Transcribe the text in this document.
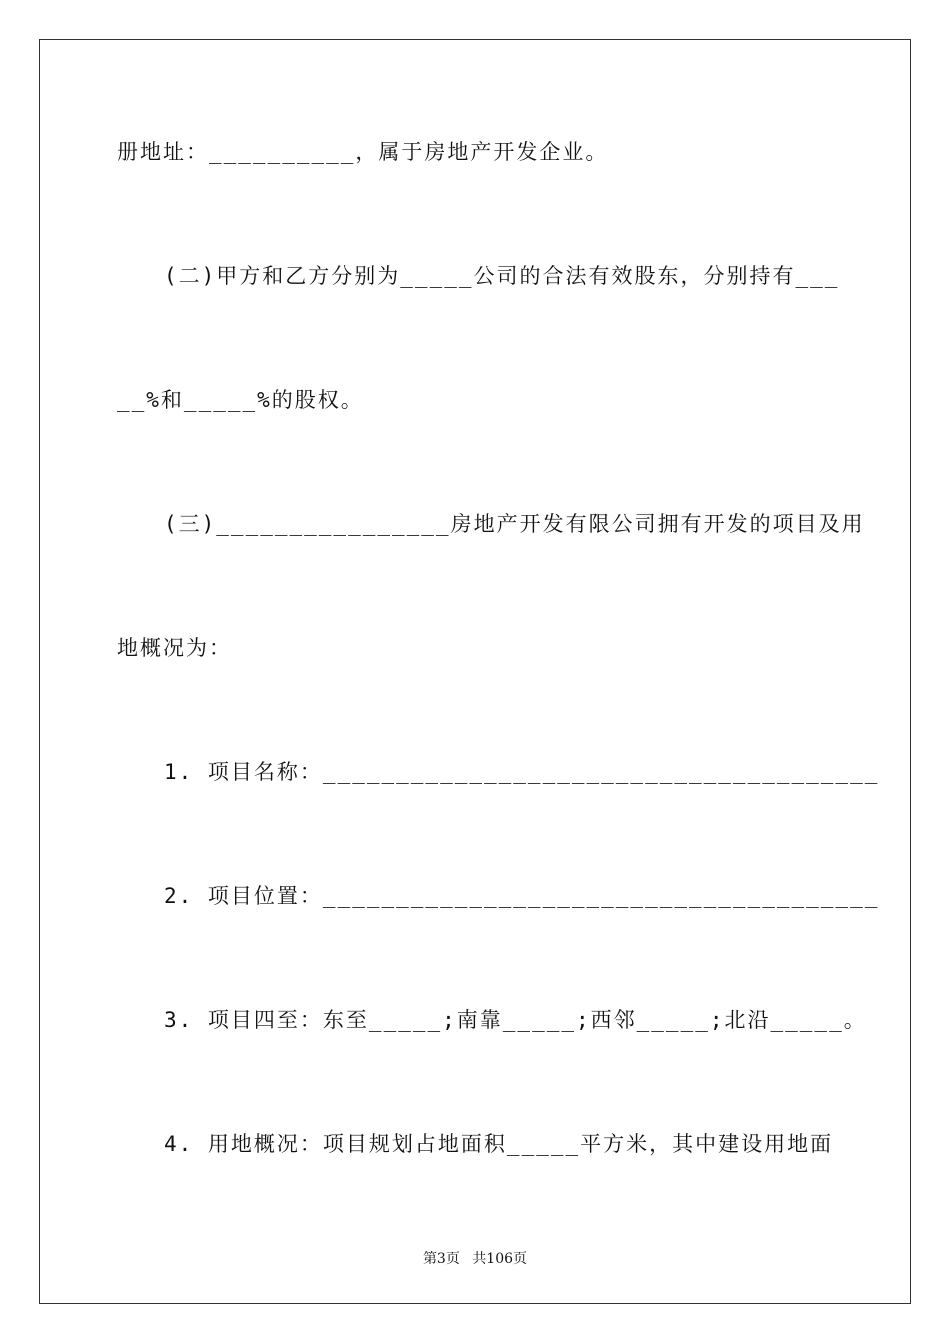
册地址：__________，属于房地产开发企业。
(二)甲方和乙方分别为_____公司的合法有效股东，分别持有___
__%和_____%的股权。
(三)________________房地产开发有限公司拥有开发的项目及用
地概况为：
1. 项目名称：______________________________________
2. 项目位置：______________________________________
3. 项目四至：东至_____;南靠_____;西邻_____;北沿_____。
4. 用地概况：项目规划占地面积_____平方米，其中建设用地面
第3页 共106页
